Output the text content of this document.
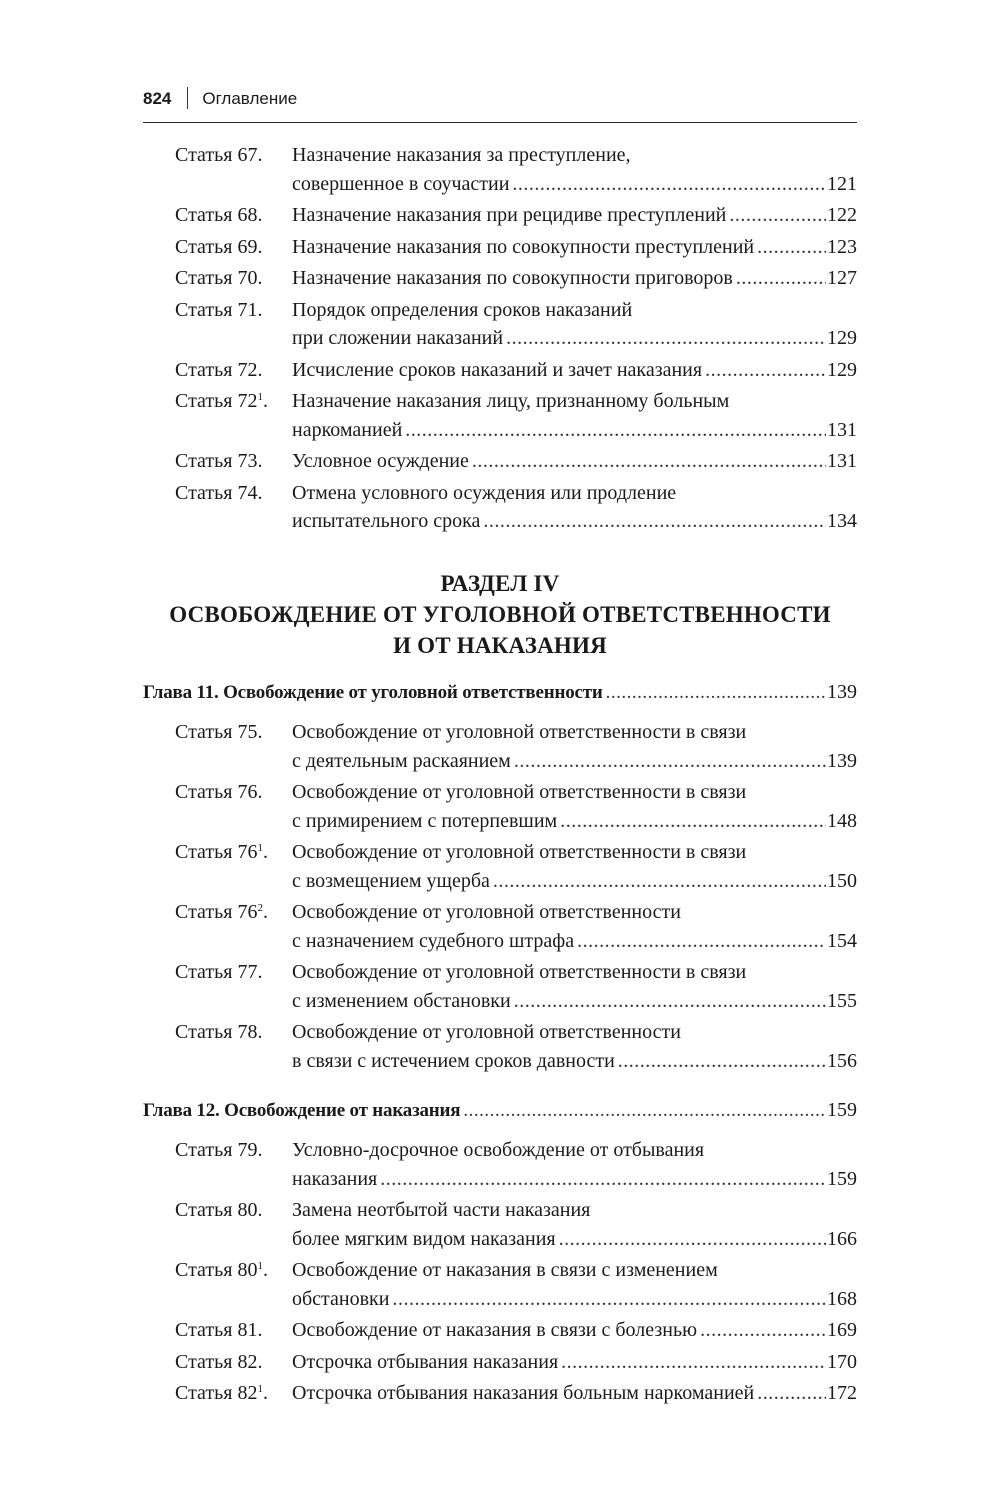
824 Оглавление
Статья 67.	Назначение наказания за преступление,
совершенное в соучастии .....	121
Статья 68.	Назначение наказания при рецидиве преступлений .....	122
Статья 69.	Назначение наказания по совокупности преступлений .....	123
Статья 70.	Назначение наказания по совокупности приговоров .....	127
Статья 71.	Порядок определения сроков наказаний
при сложении наказаний .....	129
Статья 72.	Исчисление сроков наказаний и зачет наказания .....	129
Статья $72^1$.	Назначение наказания лицу, признанному больным
наркоманией .....	131
Статья 73.	Условное осуждение .....	131
Статья 74.	Отмена условного осуждения или продление
испытательного срока .....	134
РАЗДЕЛ IV
ОСВОБОЖДЕНИЕ ОТ УГОЛОВНОЙ ОТВЕТСТВЕННОСТИ
И ОТ НАКАЗАНИЯ
Глава 11. Освобождение от уголовной ответственности .....	139
Статья 75.	Освобождение от уголовной ответственности в связи
с деятельным раскаянием .....	139
Статья 76.	Освобождение от уголовной ответственности в связи
с примирением с потерпевшим .....	148
Статья $76^1$.	Освобождение от уголовной ответственности в связи
с возмещением ущерба .....	150
Статья $76^2$.	Освобождение от уголовной ответственности
с назначением судебного штрафа .....	154
Статья 77.	Освобождение от уголовной ответственности в связи
с изменением обстановки .....	155
Статья 78.	Освобождение от уголовной ответственности
в связи с истечением сроков давности .....	156
Глава 12. Освобождение от наказания .....	159
Статья 79.	Условно-досрочное освобождение от отбывания
наказания .....	159
Статья 80.	Замена неотбытой части наказания
более мягким видом наказания .....	166
Статья $80^1$.	Освобождение от наказания в связи с изменением
обстановки .....	168
Статья 81.	Освобождение от наказания в связи с болезнью .....	169
Статья 82.	Отсрочка отбывания наказания .....	170
Статья $82^1$.	Отсрочка отбывания наказания больным наркоманией .....	172
